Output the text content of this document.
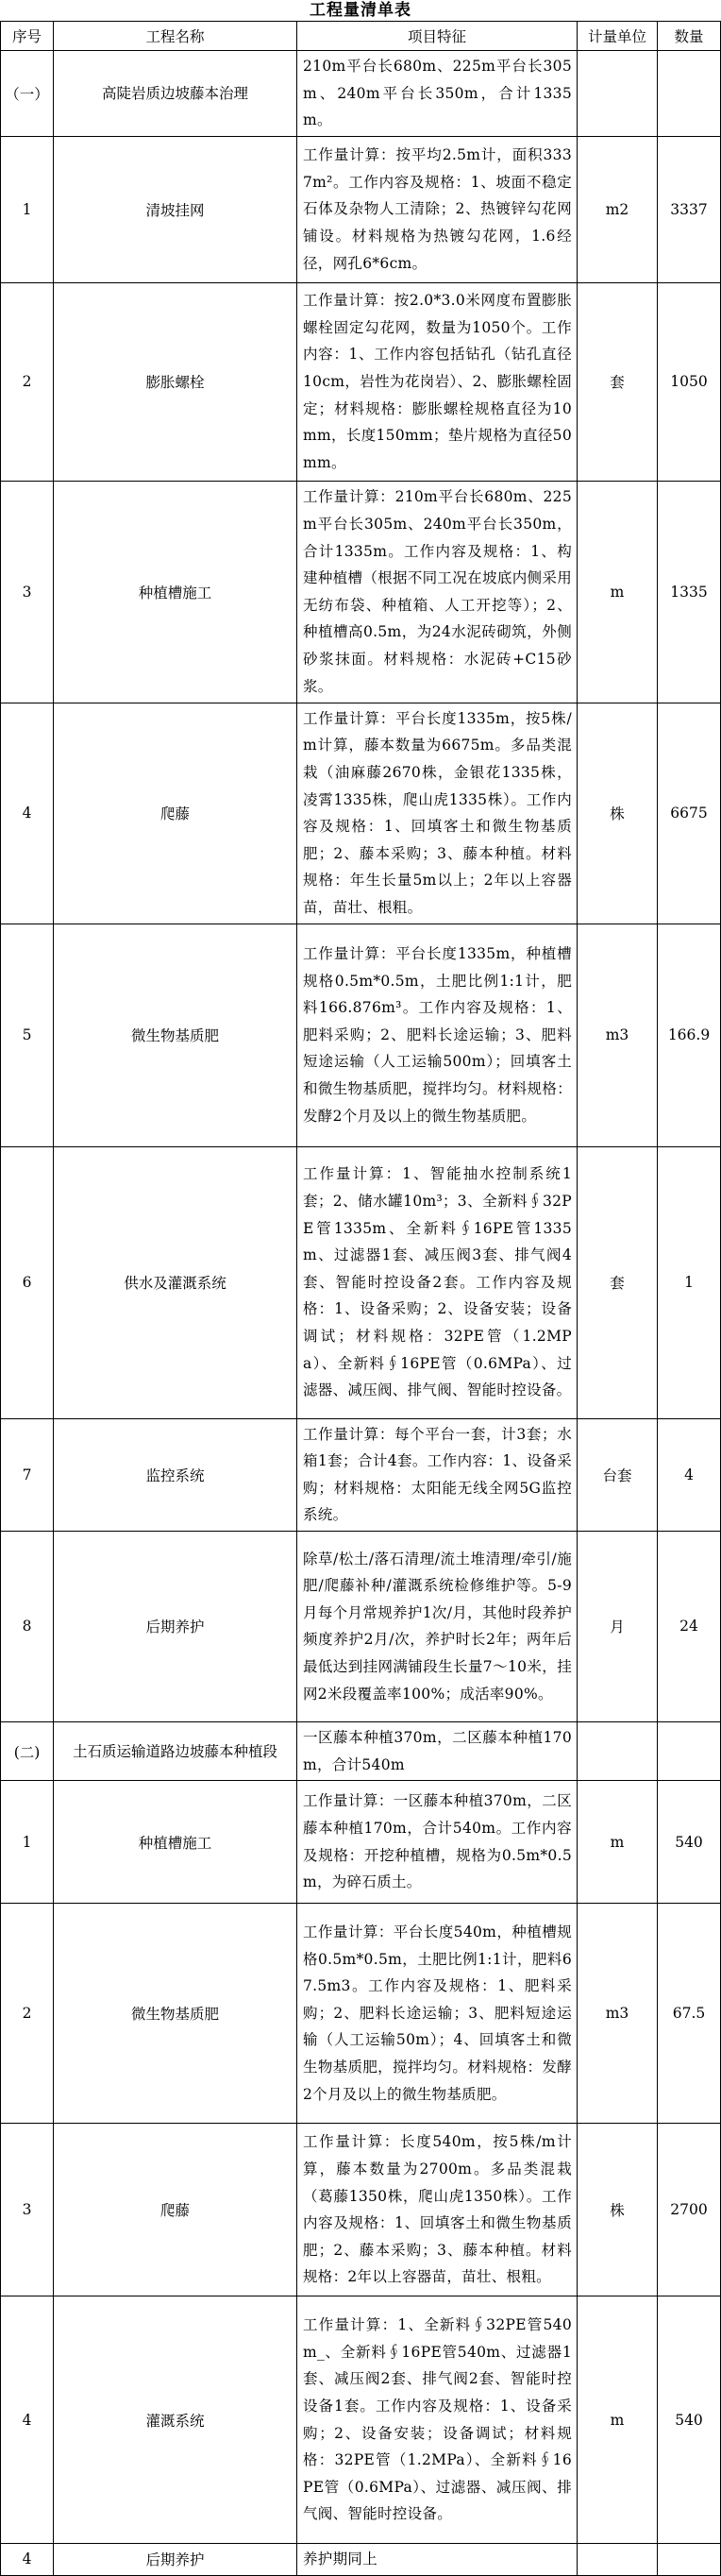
工程量清单表
序号	工程名称	项目特征	计量单位	数量
（一）	高陡岩质边坡藤本治理	210m平台长680m、225m平台长305m、240m平台长350m，合计1335m。		
1	清坡挂网	工作量计算：按平均2.5m计，面积3337m²。工作内容及规格：1、坡面不稳定石体及杂物人工清除；2、热镀锌勾花网铺设。材料规格为热镀勾花网，1.6经径，网孔6*6cm。	m2	3337
2	膨胀螺栓	工作量计算：按2.0*3.0米网度布置膨胀螺栓固定勾花网，数量为1050个。工作内容：1、工作内容包括钻孔（钻孔直径10cm，岩性为花岗岩）、2、膨胀螺栓固定；材料规格：膨胀螺栓规格直径为10mm，长度150mm；垫片规格为直径50mm。	套	1050
3	种植槽施工	工作量计算：210m平台长680m、225m平台长305m、240m平台长350m，合计1335m。工作内容及规格：1、构建种植槽（根据不同工况在坡底内侧采用无纺布袋、种植箱、人工开挖等）；2、种植槽高0.5m，为24水泥砖砌筑，外侧砂浆抹面。材料规格：水泥砖+C15砂浆。	m	1335
4	爬藤	工作量计算：平台长度1335m，按5株/m计算，藤本数量为6675m。多品类混栽（油麻藤2670株，金银花1335株，凌霄1335株，爬山虎1335株）。工作内容及规格：1、回填客土和微生物基质肥；2、藤本采购；3、藤本种植。材料规格：年生长量5m以上；2年以上容器苗，苗壮、根粗。	株	6675
5	微生物基质肥	工作量计算：平台长度1335m，种植槽规格0.5m*0.5m，土肥比例1:1计，肥料166.876m³。工作内容及规格：1、肥料采购；2、肥料长途运输；3、肥料短途运输（人工运输500m）；回填客土和微生物基质肥，搅拌均匀。材料规格：发酵2个月及以上的微生物基质肥。	m3	166.9
6	供水及灌溉系统	工作量计算：1、智能抽水控制系统1套；2、储水罐10m³；3、全新料∮32PE管1335m、全新料∮16PE管1335m、过滤器1套、减压阀3套、排气阀4套、智能时控设备2套。工作内容及规格：1、设备采购；2、设备安装；设备调试；材料规格：32PE管（1.2MPa）、全新料∮16PE管（0.6MPa）、过滤器、减压阀、排气阀、智能时控设备。	套	1
7	监控系统	工作量计算：每个平台一套，计3套；水箱1套；合计4套。工作内容：1、设备采购；材料规格：太阳能无线全网5G监控系统。	台套	4
8	后期养护	除草/松土/落石清理/流土堆清理/牵引/施肥/爬藤补种/灌溉系统检修维护等。5-9月每个月常规养护1次/月，其他时段养护频度养护2月/次，养护时长2年；两年后最低达到挂网满铺段生长量7～10米，挂网2米段覆盖率100%；成活率90%。	月	24
(二)	土石质运输道路边坡藤本种植段	一区藤本种植370m，二区藤本种植170m，合计540m		
1	种植槽施工	工作量计算：一区藤本种植370m，二区藤本种植170m，合计540m。工作内容及规格：开挖种植槽，规格为0.5m*0.5m，为碎石质土。	m	540
2	微生物基质肥	工作量计算：平台长度540m，种植槽规格0.5m*0.5m，土肥比例1:1计，肥料67.5m3。工作内容及规格：1、肥料采购；2、肥料长途运输；3、肥料短途运输（人工运输50m）；4、回填客土和微生物基质肥，搅拌均匀。材料规格：发酵2个月及以上的微生物基质肥。	m3	67.5
3	爬藤	工作量计算：长度540m，按5株/m计算，藤本数量为2700m。多品类混栽（葛藤1350株，爬山虎1350株）。工作内容及规格：1、回填客土和微生物基质肥；2、藤本采购；3、藤本种植。材料规格：2年以上容器苗，苗壮、根粗。	株	2700
4	灌溉系统	工作量计算：1、全新料∮32PE管540m_、全新料∮16PE管540m、过滤器1套、减压阀2套、排气阀2套、智能时控设备1套。工作内容及规格：1、设备采购；2、设备安装；设备调试；材料规格：32PE管（1.2MPa）、全新料∮16PE管（0.6MPa）、过滤器、减压阀、排气阀、智能时控设备。	m	540
4	后期养护	养护期同上		
